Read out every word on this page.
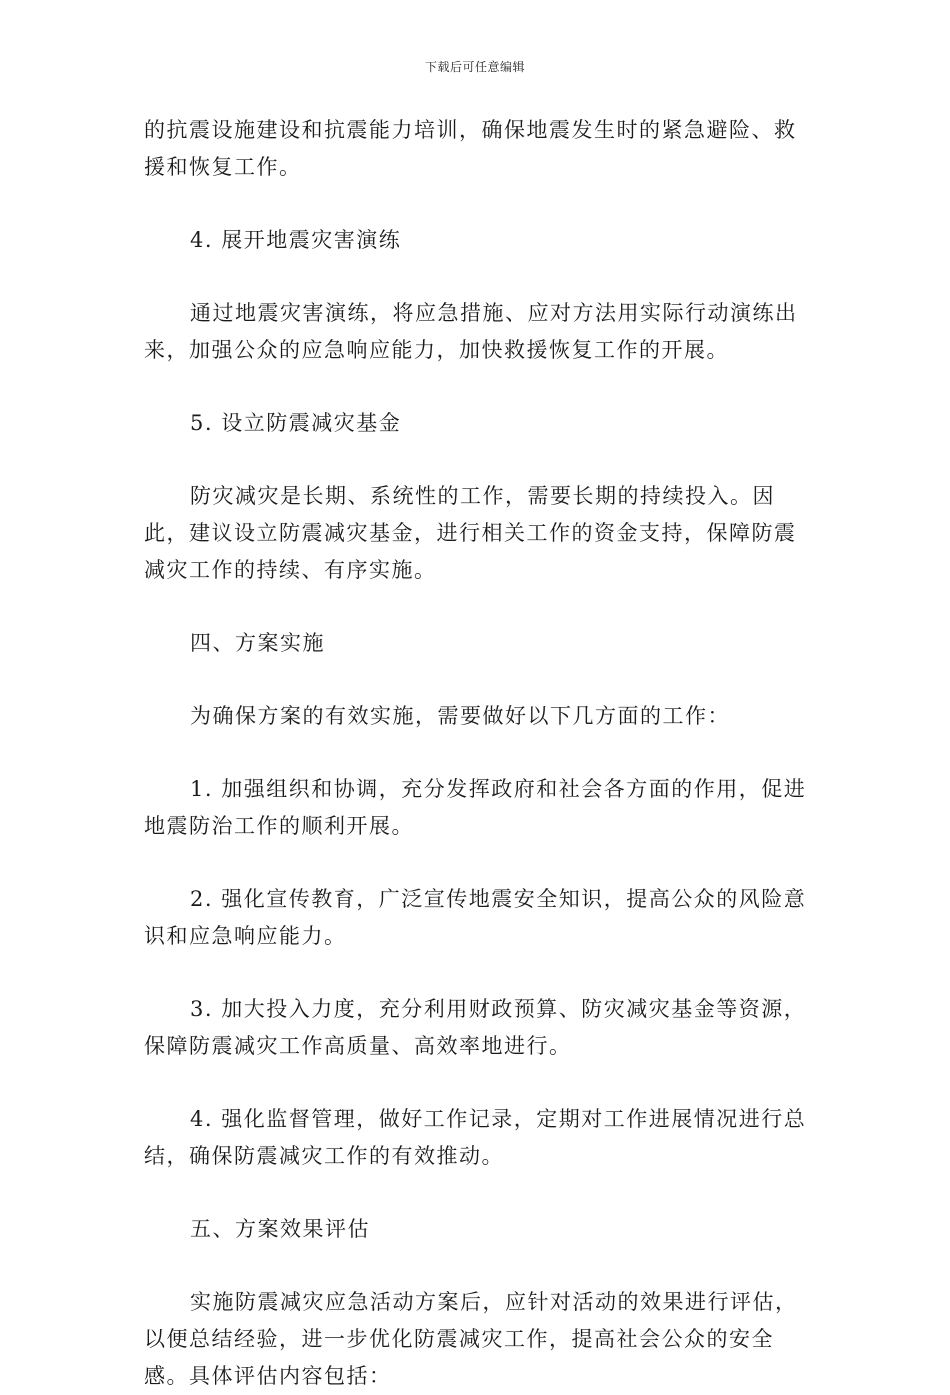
下载后可任意编辑

的抗震设施建设和抗震能力培训，确保地震发生时的紧急避险、救援和恢复工作。

4. 展开地震灾害演练

通过地震灾害演练，将应急措施、应对方法用实际行动演练出来，加强公众的应急响应能力，加快救援恢复工作的开展。

5. 设立防震减灾基金

防灾减灾是长期、系统性的工作，需要长期的持续投入。因此，建议设立防震减灾基金，进行相关工作的资金支持，保障防震减灾工作的持续、有序实施。

四、方案实施

为确保方案的有效实施，需要做好以下几方面的工作：

1. 加强组织和协调，充分发挥政府和社会各方面的作用，促进地震防治工作的顺利开展。

2. 强化宣传教育，广泛宣传地震安全知识，提高公众的风险意识和应急响应能力。

3. 加大投入力度，充分利用财政预算、防灾减灾基金等资源，保障防震减灾工作高质量、高效率地进行。

4. 强化监督管理，做好工作记录，定期对工作进展情况进行总结，确保防震减灾工作的有效推动。

五、方案效果评估

实施防震减灾应急活动方案后，应针对活动的效果进行评估，以便总结经验，进一步优化防震减灾工作，提高社会公众的安全感。具体评估内容包括：
